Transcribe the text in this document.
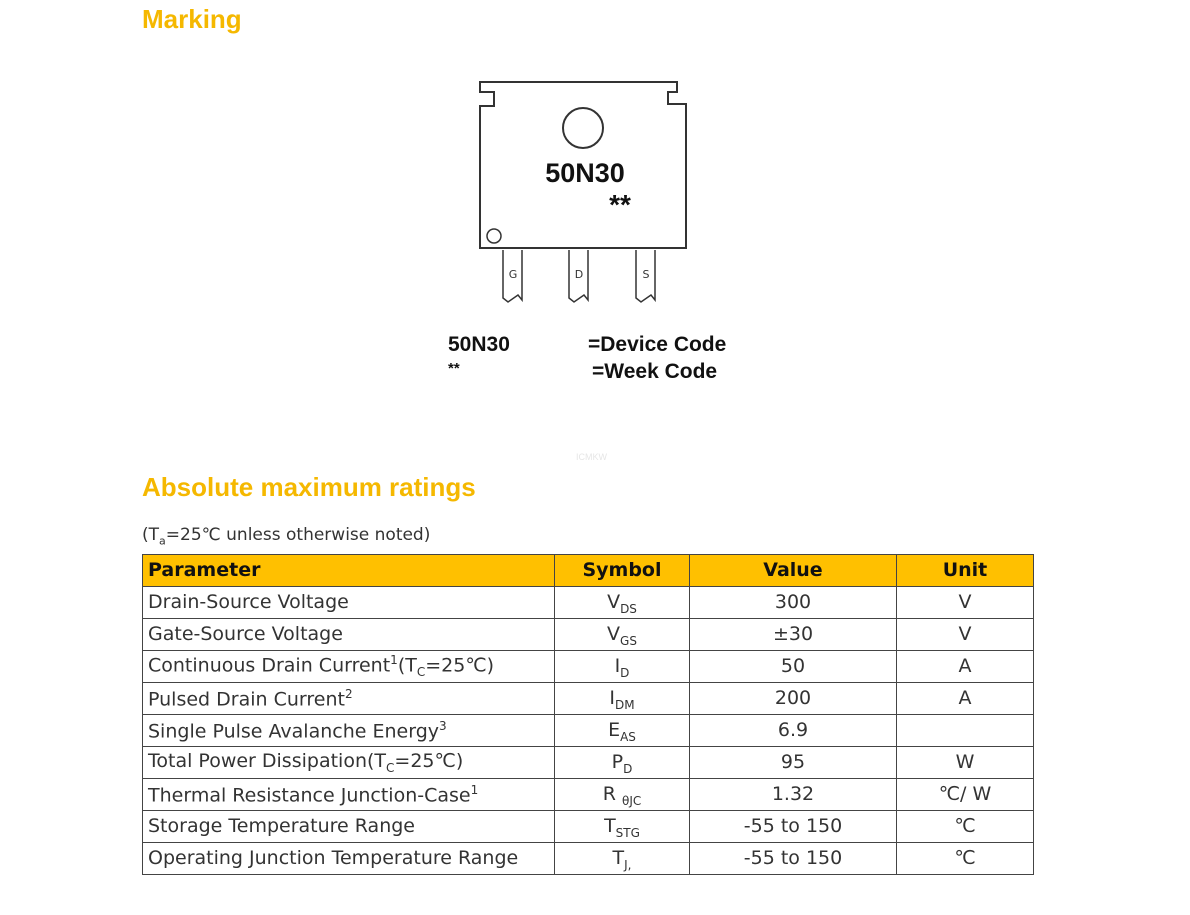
Marking
50N30
**
G	D	S
50N30
**
=Device Code
=Week Code
ICMKW
Absolute maximum ratings
($T_a=25℃$ unless otherwise noted)
Parameter	Symbol	Value	Unit
Drain-Source Voltage	$V_{DS}$	300	V
Gate-Source Voltage	$V_{GS}$	±30	V
Continuous Drain $Current^1(T_C=25℃)$	$I_D$	50	A
Pulsed Drain Current$^2$	$I_{DM}$	200	A
Single Pulse Avalanche Energy$^3$	$E_{AS}$	6.9	
Total Power $Dissipation(T_C=25℃)$	$P_D$	95	W
Thermal Resistance Junction-Case$^1$	R $_{\theta JC}$	1.32	℃/ W
Storage Temperature Range	$T_{STG}$	-55 to 150	℃
Operating Junction Temperature Range	$T_{J,}$	-55 to 150	℃
